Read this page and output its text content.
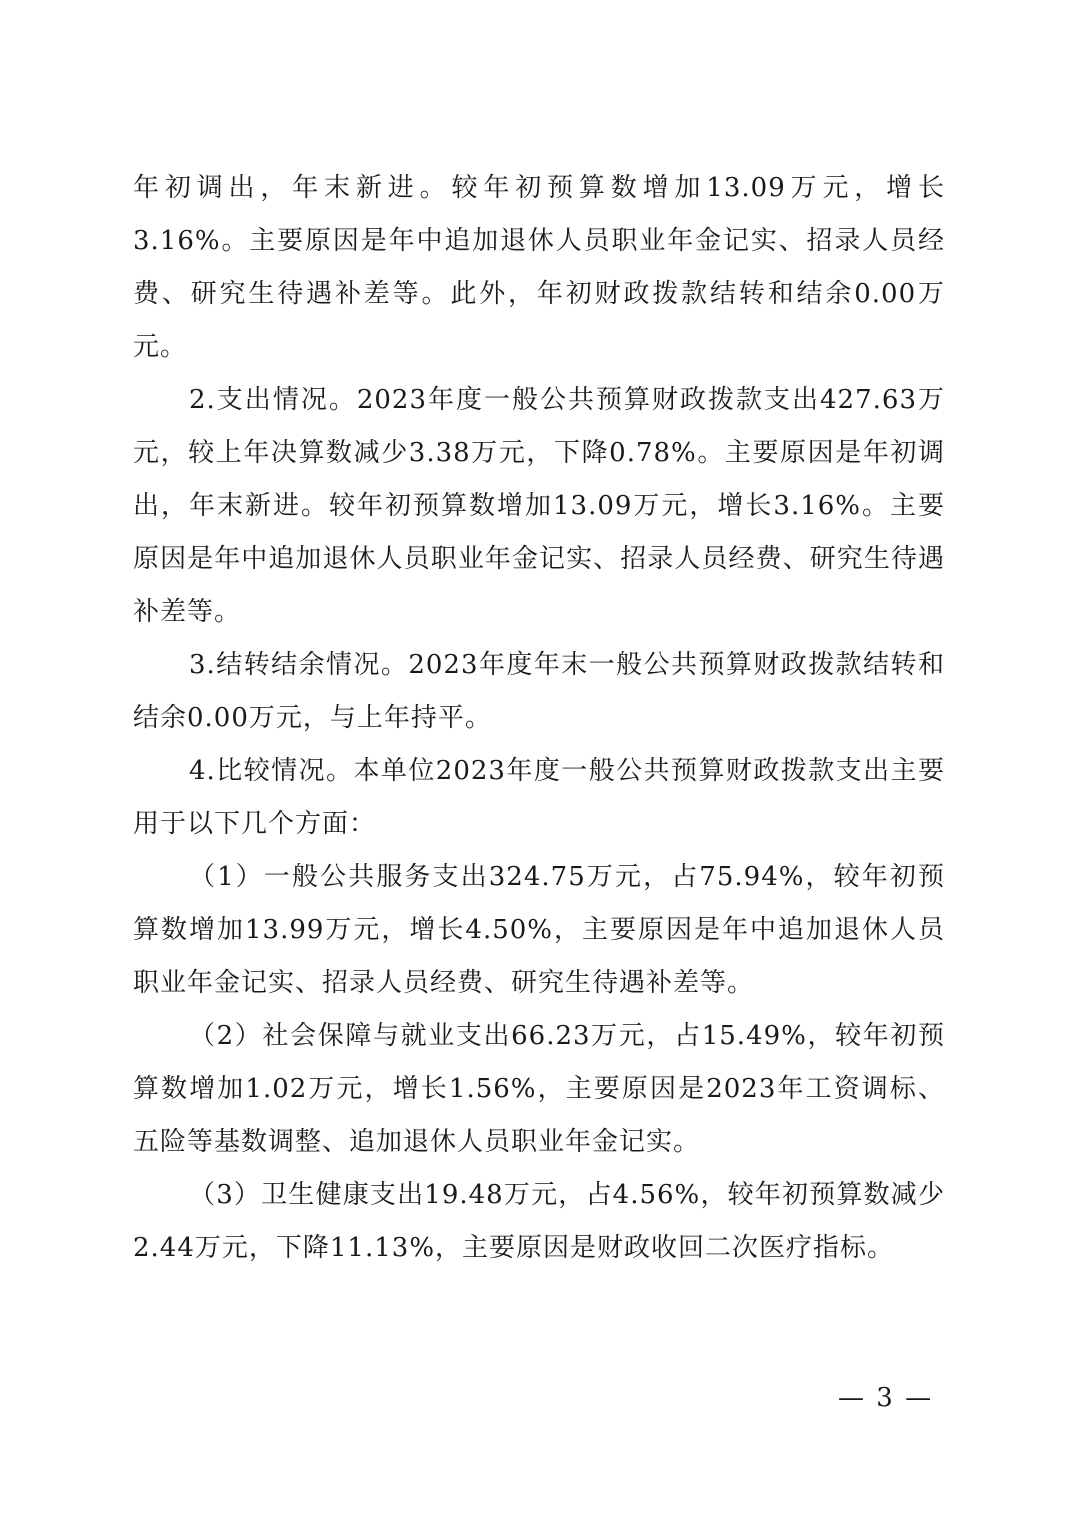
年初调出，年末新进。较年初预算数增加13.09万元，增长3.16%。主要原因是年中追加退休人员职业年金记实、招录人员经费、研究生待遇补差等。此外，年初财政拨款结转和结余0.00万元。

2.支出情况。2023年度一般公共预算财政拨款支出427.63万元，较上年决算数减少3.38万元，下降0.78%。主要原因是年初调出，年末新进。较年初预算数增加13.09万元，增长3.16%。主要原因是年中追加退休人员职业年金记实、招录人员经费、研究生待遇补差等。

3.结转结余情况。2023年度年末一般公共预算财政拨款结转和结余0.00万元，与上年持平。

4.比较情况。本单位2023年度一般公共预算财政拨款支出主要用于以下几个方面：

（1）一般公共服务支出324.75万元，占75.94%，较年初预算数增加13.99万元，增长4.50%，主要原因是年中追加退休人员职业年金记实、招录人员经费、研究生待遇补差等。

（2）社会保障与就业支出66.23万元，占15.49%，较年初预算数增加1.02万元，增长1.56%，主要原因是2023年工资调标、五险等基数调整、追加退休人员职业年金记实。

（3）卫生健康支出19.48万元，占4.56%，较年初预算数减少2.44万元，下降11.13%，主要原因是财政收回二次医疗指标。

— 3 —
